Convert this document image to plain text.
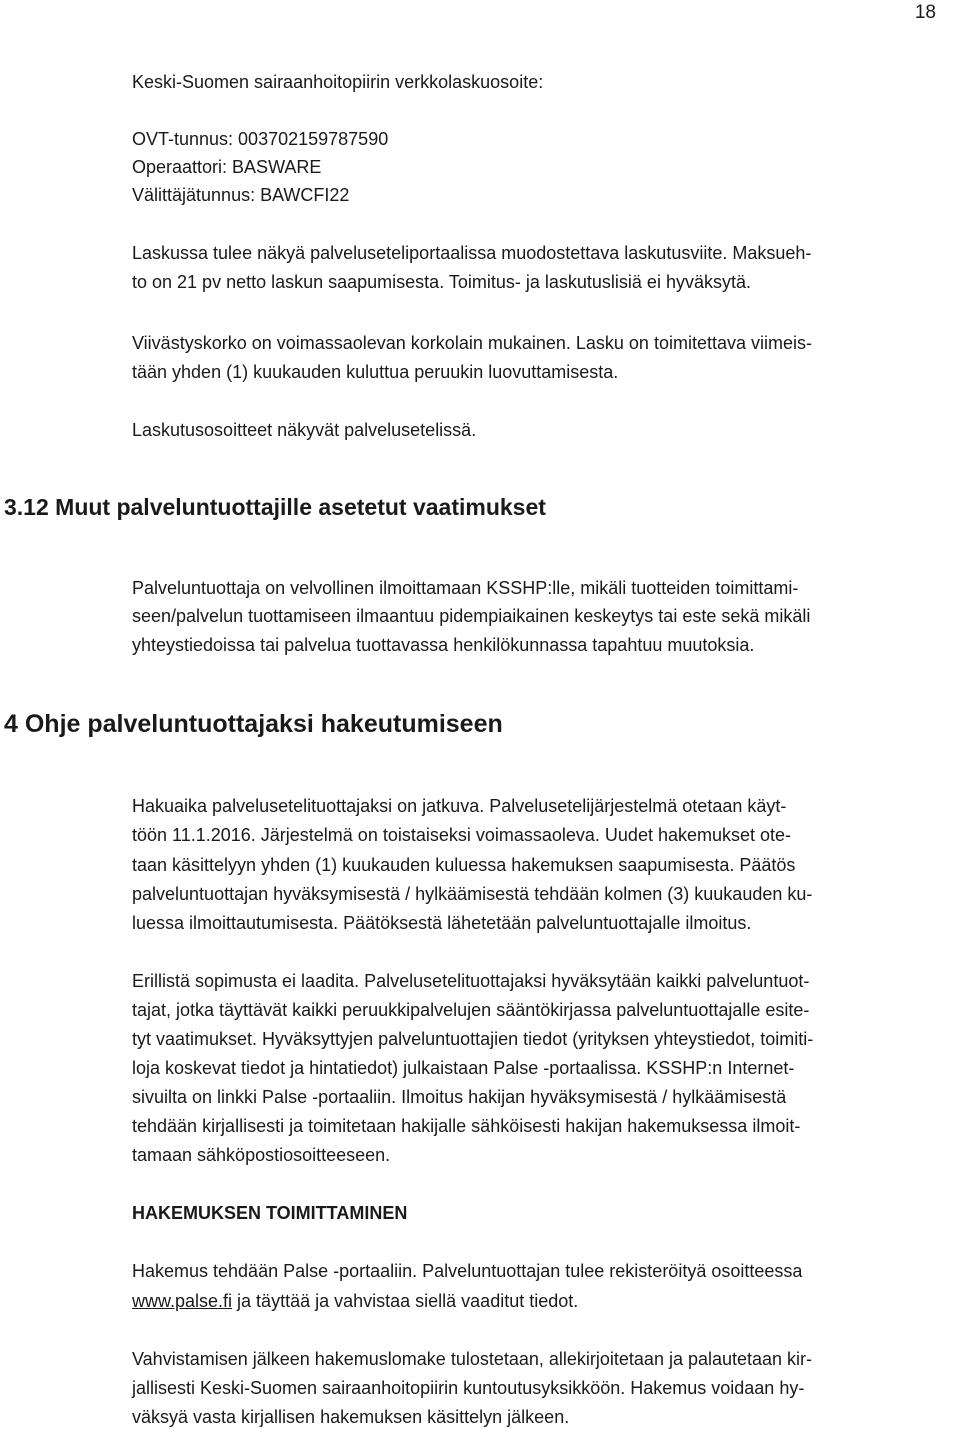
18
Keski-Suomen sairaanhoitopiirin verkkolaskuosoite:
OVT-tunnus: 003702159787590
Operaattori: BASWARE
Välittäjätunnus: BAWCFI22
Laskussa tulee näkyä palveluseteliportaalissa muodostettava laskutusviite. Maksueh-
to on 21 pv netto laskun saapumisesta. Toimitus- ja laskutuslisiä ei hyväksytä.
Viivästyskorko on voimassaolevan korkolain mukainen. Lasku on toimitettava viimeis-
tään yhden (1) kuukauden kuluttua peruukin luovuttamisesta.
Laskutusosoitteet näkyvät palvelusetelissä.
3.12 Muut palveluntuottajille asetetut vaatimukset
Palveluntuottaja on velvollinen ilmoittamaan KSSHP:lle, mikäli tuotteiden toimittami-
seen/palvelun tuottamiseen ilmaantuu pidempiaikainen keskeytys tai este sekä mikäli
yhteystiedoissa tai palvelua tuottavassa henkilökunnassa tapahtuu muutoksia.
4 Ohje palveluntuottajaksi hakeutumiseen
Hakuaika palvelusetelituottajaksi on jatkuva. Palvelusetelijärjestelmä otetaan käyt-
töön 11.1.2016. Järjestelmä on toistaiseksi voimassaoleva. Uudet hakemukset ote-
taan käsittelyyn yhden (1) kuukauden kuluessa hakemuksen saapumisesta. Päätös
palveluntuottajan hyväksymisestä / hylkäämisestä tehdään kolmen (3) kuukauden ku-
luessa ilmoittautumisesta. Päätöksestä lähetetään palveluntuottajalle ilmoitus.
Erillistä sopimusta ei laadita. Palvelusetelituottajaksi hyväksytään kaikki palveluntuot-
tajat, jotka täyttävät kaikki peruukkipalvelujen sääntökirjassa palveluntuottajalle esite-
tyt vaatimukset. Hyväksyttyjen palveluntuottajien tiedot (yrityksen yhteystiedot, toimiti-
loja koskevat tiedot ja hintatiedot) julkaistaan Palse -portaalissa. KSSHP:n Internet-
sivuilta on linkki Palse -portaaliin. Ilmoitus hakijan hyväksymisestä / hylkäämisestä
tehdään kirjallisesti ja toimitetaan hakijalle sähköisesti hakijan hakemuksessa ilmoit-
tamaan sähköpostiosoitteeseen.
HAKEMUKSEN TOIMITTAMINEN
Hakemus tehdään Palse -portaaliin. Palveluntuottajan tulee rekisteröityä osoitteessa
www.palse.fi ja täyttää ja vahvistaa siellä vaaditut tiedot.
Vahvistamisen jälkeen hakemuslomake tulostetaan, allekirjoitetaan ja palautetaan kir-
jallisesti Keski-Suomen sairaanhoitopiirin kuntoutusyksikköön. Hakemus voidaan hy-
väksyä vasta kirjallisen hakemuksen käsittelyn jälkeen.
